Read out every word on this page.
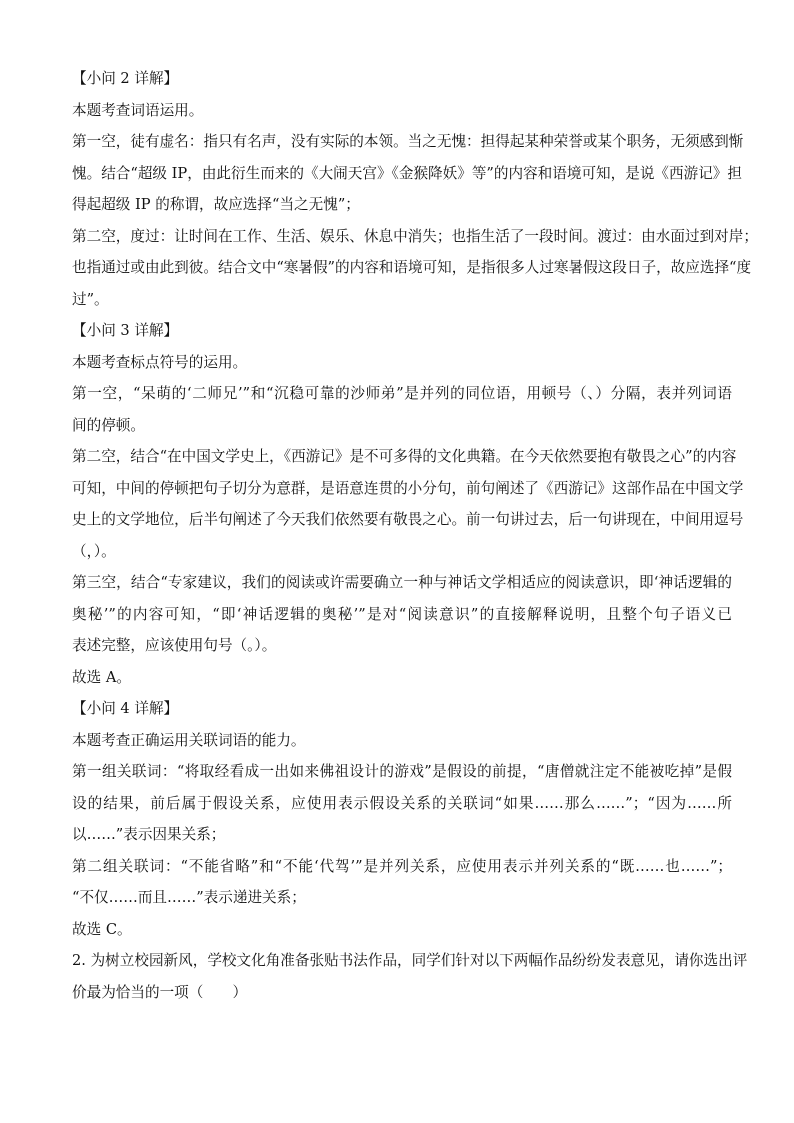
【小问 2 详解】
本题考查词语运用。
第一空，徒有虚名：指只有名声，没有实际的本领。当之无愧：担得起某种荣誉或某个职务，无须感到惭
愧。结合“超级 IP，由此衍生而来的《大闹天宫》《金猴降妖》等”的内容和语境可知，是说《西游记》担
得起超级 IP 的称谓，故应选择“当之无愧”；
第二空，度过：让时间在工作、生活、娱乐、休息中消失；也指生活了一段时间。渡过：由水面过到对岸；
也指通过或由此到彼。结合文中“寒暑假”的内容和语境可知，是指很多人过寒暑假这段日子，故应选择“度
过”。
【小问 3 详解】
本题考查标点符号的运用。
第一空，“呆萌的‘二师兄’”和“沉稳可靠的沙师弟”是并列的同位语，用顿号（、）分隔，表并列词语
间的停顿。
第二空，结合“在中国文学史上，《西游记》是不可多得的文化典籍。在今天依然要抱有敬畏之心”的内容
可知，中间的停顿把句子切分为意群，是语意连贯的小分句，前句阐述了《西游记》这部作品在中国文学
史上的文学地位，后半句阐述了今天我们依然要有敬畏之心。前一句讲过去，后一句讲现在，中间用逗号
（，）。
第三空，结合“专家建议，我们的阅读或许需要确立一种与神话文学相适应的阅读意识，即‘神话逻辑的
奥秘’”的内容可知，“即‘神话逻辑的奥秘’”是对“阅读意识”的直接解释说明，且整个句子语义已
表述完整，应该使用句号（。）。
故选 A。
【小问 4 详解】
本题考查正确运用关联词语的能力。
第一组关联词：“将取经看成一出如来佛祖设计的游戏”是假设的前提，“唐僧就注定不能被吃掉”是假
设的结果，前后属于假设关系，应使用表示假设关系的关联词“如果……那么……”；“因为……所
以……”表示因果关系；
第二组关联词：“不能省略”和“不能‘代驾’”是并列关系，应使用表示并列关系的“既……也……”；
“不仅……而且……”表示递进关系；
故选 C。
2. 为树立校园新风，学校文化角准备张贴书法作品，同学们针对以下两幅作品纷纷发表意见，请你选出评
价最为恰当的一项（　　）
